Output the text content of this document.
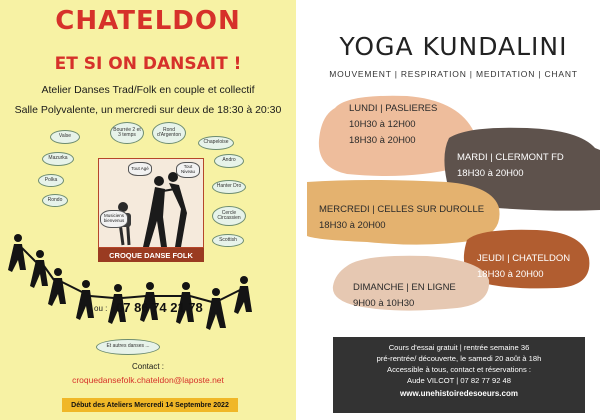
CHATELDON
ET SI ON DANSAIT !
Atelier Danses Trad/Folk en couple et collectif
Salle Polyvalente, un mercredi sur deux de 18:30 à 20:30
Valse
Bourrée 2 et 3 temps
Rond d'Argenton
Chapeloise
Mazurka	Andro
Polka
Hanter Dro
Rondo
Cercle Circassien
Scottish
Et autres danses ...
Tout Agé	Tout Niveau
Musiciens bienvenus
CROQUE DANSE FOLK
ou : 07 86 74 21 78
Contact :
croquedansefolk.chateldon@laposte.net
Début des Ateliers Mercredi 14 Septembre 2022
YOGA KUNDALINI
MOUVEMENT | RESPIRATION | MEDITATION | CHANT
LUNDI | PASLIERES
10H30 à 12H00
18H30 à 20H00
MARDI | CLERMONT FD
18H30 à 20H00
MERCREDI | CELLES SUR DUROLLE
18H30 à 20H00
JEUDI | CHATELDON
18H30 à 20H00
DIMANCHE | EN LIGNE
9H00 à 10H30
Cours d'essai gratuit | rentrée semaine 36
pré-rentrée/ découverte, le samedi 20 août à 18h
Accessible à tous, contact et réservations :
Aude VILCOT | 07 82 77 92 48
www.unehistoiredesoeurs.com
